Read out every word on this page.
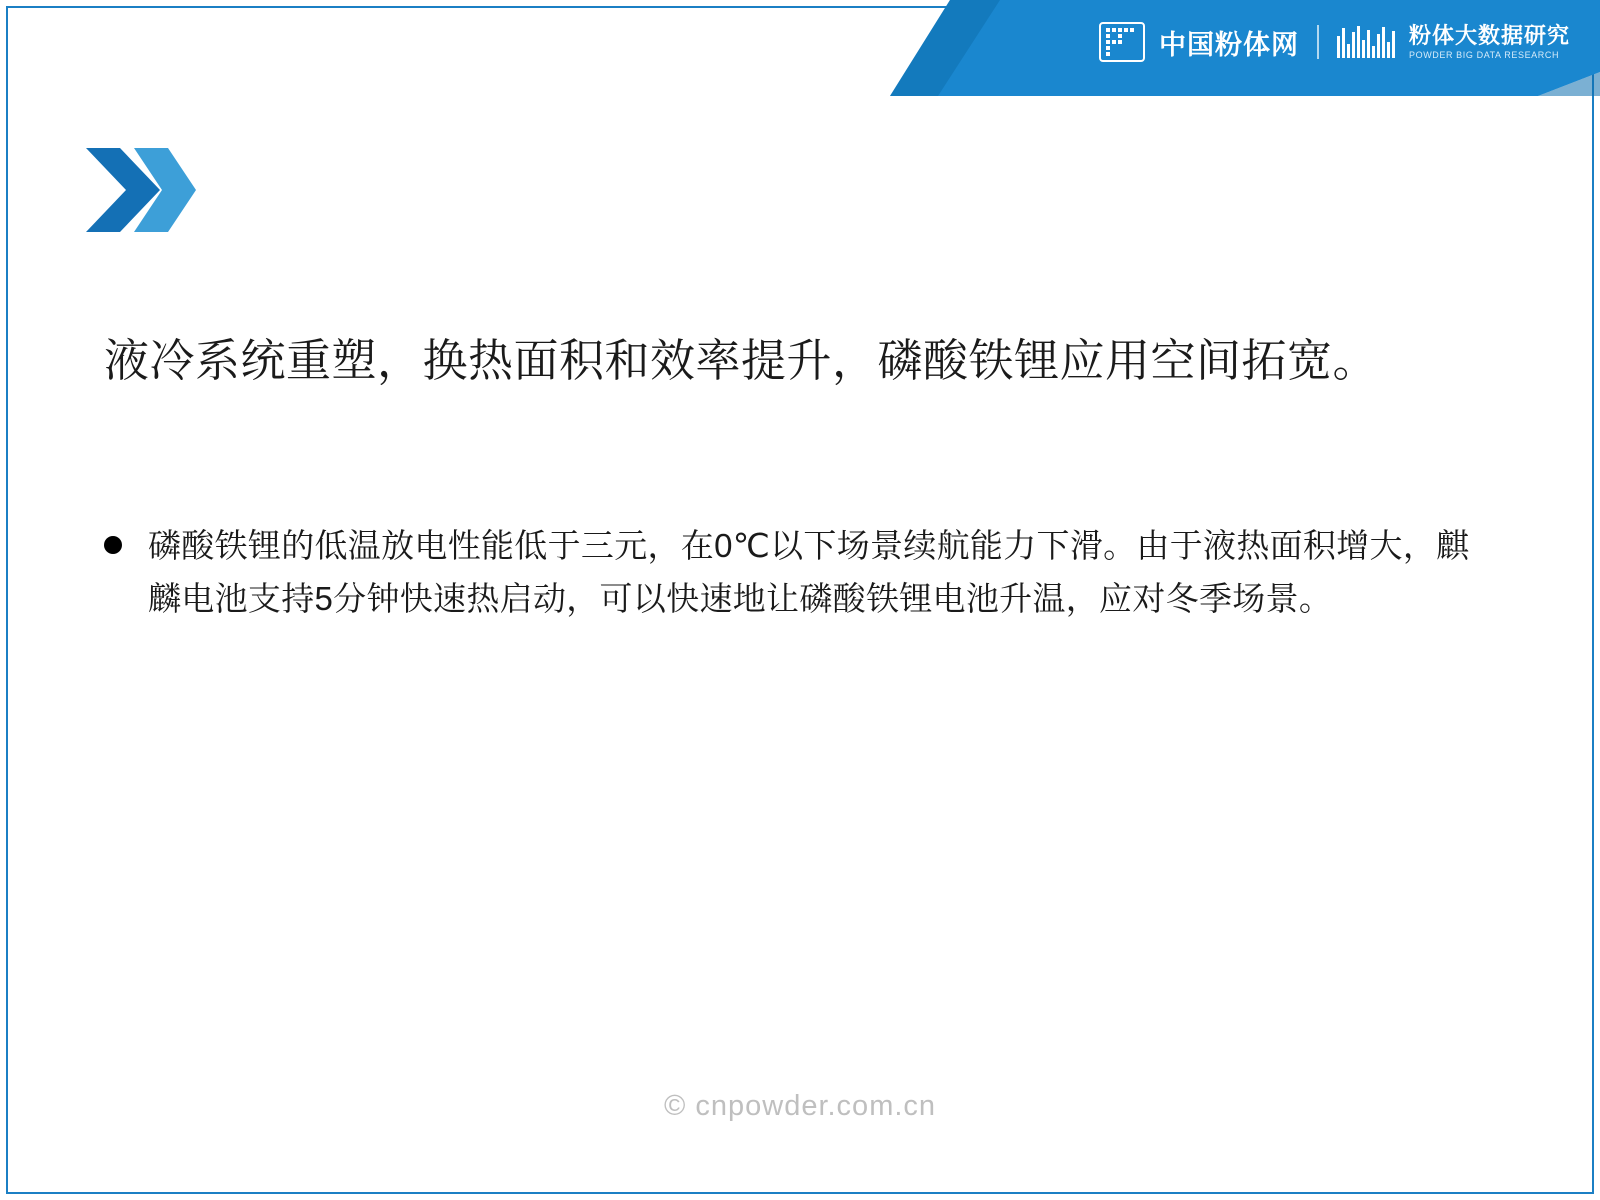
中国粉体网	粉体大数据研究
POWDER BIG DATA RESEARCH
液冷系统重塑，换热面积和效率提升，磷酸铁锂应用空间拓宽。
磷酸铁锂的低温放电性能低于三元，在0℃以下场景续航能力下滑。由于液热面积增大，麒麟电池支持5分钟快速热启动，可以快速地让磷酸铁锂电池升温，应对冬季场景。
© cnpowder.com.cn
